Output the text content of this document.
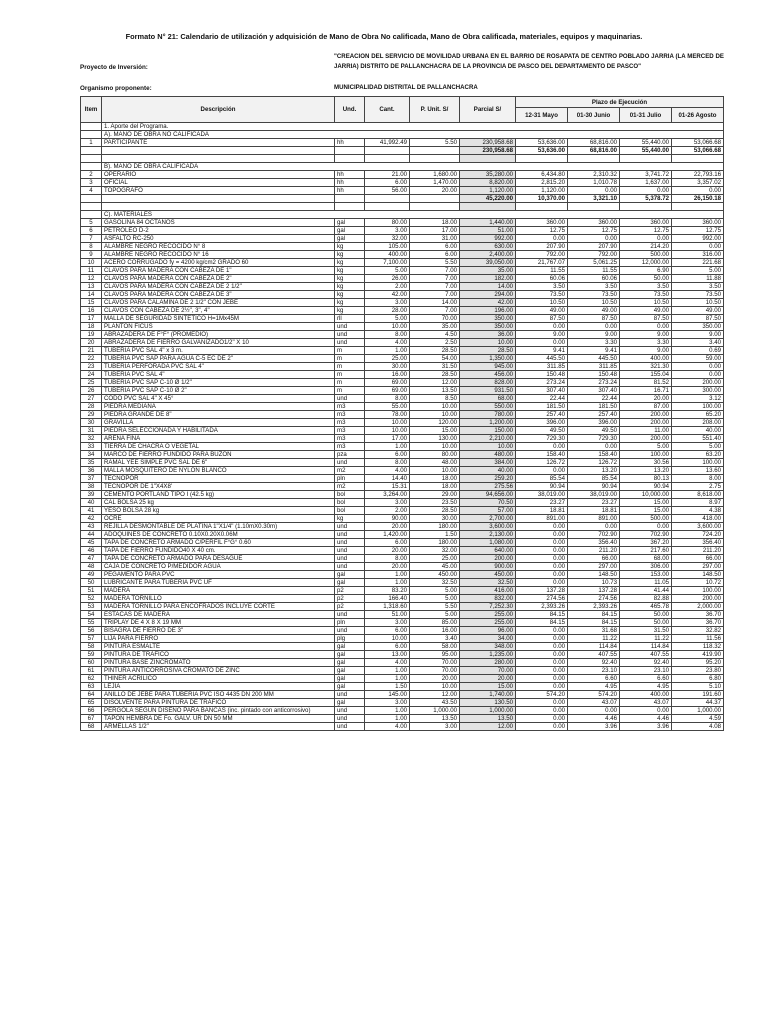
Formato N° 21: Calendario de utilización y adquisición de Mano de Obra No calificada, Mano de Obra calificada, materiales, equipos y maquinarias.
Proyecto de Inversión:
"CREACION DEL SERVICIO DE MOVILIDAD URBANA EN EL BARRIO DE ROSAPATA DE CENTRO POBLADO JARRIA (LA MERCED DE JARRIA) DISTRITO DE PALLANCHACRA DE LA PROVINCIA DE PASCO DEL DEPARTAMENTO DE PASCO"
Organismo proponente:	MUNICIPALIDAD DISTRITAL DE PALLANCHACRA
Item	Descripción	Und.	Cant.	P. Unit. S/	Parcial S/	Plazo de Ejecución			
						12-31 Mayo	01-30 Junio	01-31 Julio	01-26 Agosto
	1. Aporte del Programa.								
	A). MANO DE OBRA NO CALIFICADA								
1	PARTICIPANTE	hh	41,992.49	5.50	230,958.68	53,636.00	68,816.00	55,440.00	53,066.68
					230,958.68	53,636.00	68,816.00	55,440.00	53,066.68

	B). MANO DE OBRA CALIFICADA								
2	OPERARIO	hh	21.00	1,680.00	35,280.00	6,434.80	2,310.32	3,741.72	22,793.16
3	OFICIAL	hh	6.00	1,470.00	8,820.00	2,815.20	1,010.78	1,637.00	3,357.02
4	TOPOGRAFO	hh	56.00	20.00	1,120.00	1,120.00	0.00	0.00	0.00
					45,220.00	10,370.00	3,321.10	5,378.72	26,150.18

	C). MATERIALES								
5	GASOLINA 84 OCTANOS	gal	80.00	18.00	1,440.00	360.00	360.00	360.00	360.00
6	PETROLEO D-2	gal	3.00	17.00	51.00	12.75	12.75	12.75	12.75
7	ASFALTO RC-250	gal	32.00	31.00	992.00	0.00	0.00	0.00	992.00
8	ALAMBRE NEGRO RECOCIDO N° 8	kg	105.00	6.00	630.00	207.90	207.90	214.20	0.00
9	ALAMBRE NEGRO RECOCIDO N° 16	kg	400.00	6.00	2,400.00	792.00	792.00	500.00	316.00
10	ACERO CORRUGADO fy = 4200 kg/cm2 GRADO 60	kg	7,100.00	5.50	39,050.00	21,767.07	5,061.25	12,000.00	221.68
11	CLAVOS PARA MADERA CON CABEZA DE 1"	kg	5.00	7.00	35.00	11.55	11.55	6.90	5.00
12	CLAVOS PARA MADERA CON CABEZA DE 2"	kg	26.00	7.00	182.00	60.06	60.06	50.00	11.88
13	CLAVOS PARA MADERA CON CABEZA DE 2 1/2"	kg	2.00	7.00	14.00	3.50	3.50	3.50	3.50
14	CLAVOS PARA MADERA CON CABEZA DE 3"	kg	42.00	7.00	294.00	73.50	73.50	73.50	73.50
15	CLAVOS PARA CALAMINA DE 2 1/2" CON JEBE	kg	3.00	14.00	42.00	10.50	10.50	10.50	10.50
16	CLAVOS CON CABEZA DE 2½", 3", 4"	kg	28.00	7.00	196.00	49.00	49.00	49.00	49.00
17	MALLA DE SEGURIDAD SINTETICO H=1Mx45M	rll	5.00	70.00	350.00	87.50	87.50	87.50	87.50
18	PLANTON FICUS	und	10.00	35.00	350.00	0.00	0.00	0.00	350.00
19	ABRAZADERA DE F°F° (PROMEDIO)	und	8.00	4.50	36.00	9.00	9.00	9.00	9.00
20	ABRAZADERA DE FIERRO GALVANIZADO1/2" X 10	und	4.00	2.50	10.00	0.00	3.30	3.30	3.40
21	TUBERIA PVC SAL 4" x 3 m.	m	1.00	28.50	28.50	9.41	9.41	9.00	0.69
22	TUBERIA PVC SAP PARA AGUA C-5 EC DE 2"	m	25.00	54.00	1,350.00	445.50	445.50	400.00	59.00
23	TUBERIA PERFORADA PVC SAL 4"	m	30.00	31.50	945.00	311.85	311.85	321.30	0.00
24	TUBERIA PVC SAL 4"	m	16.00	28.50	456.00	150.48	150.48	155.04	0.00
25	TUBERIA PVC SAP C-10 Ø 1/2"	m	69.00	12.00	828.00	273.24	273.24	81.52	200.00
26	TUBERIA PVC SAP C-10 Ø 2"	m	69.00	13.50	931.50	307.40	307.40	16.71	300.00
27	CODO PVC SAL 4" X 45°	und	8.00	8.50	68.00	22.44	22.44	20.00	3.12
28	PIEDRA MEDIANA	m3	55.00	10.00	550.00	181.50	181.50	87.00	100.00
29	PIEDRA GRANDE DE 8"	m3	78.00	10.00	780.00	257.40	257.40	200.00	65.20
30	GRAVILLA	m3	10.00	120.00	1,200.00	396.00	396.00	200.00	208.00
31	PIEDRA SELECCIONADA Y HABILITADA	m3	10.00	15.00	150.00	49.50	49.50	11.00	40.00
32	ARENA FINA	m3	17.00	130.00	2,210.00	729.30	729.30	200.00	551.40
33	TIERRA DE CHACRA O VEGETAL	m3	1.00	10.00	10.00	0.00	0.00	5.00	5.00
34	MARCO DE FIERRO FUNDIDO PARA BUZON	pza	6.00	80.00	480.00	158.40	158.40	100.00	63.20
35	RAMAL YEE SIMPLE PVC SAL DE 6"	und	8.00	48.00	384.00	126.72	126.72	30.56	100.00
36	MALLA MOSQUITERO DE NYLON BLANCO	m2	4.00	10.00	40.00	0.00	13.20	13.20	13.60
37	TECNOPOR	pln	14.40	18.00	259.20	85.54	85.54	80.13	8.00
38	TECNOPOR DE 1"X4X8'	m2	15.31	18.00	275.56	90.94	90.94	90.94	2.75
39	CEMENTO PORTLAND TIPO I (42.5 kg)	bol	3,264.00	29.00	94,656.00	38,019.00	38,019.00	10,000.00	8,618.00
40	CAL BOLSA 25 kg	bol	3.00	23.50	70.50	23.27	23.27	15.00	8.97
41	YESO BOLSA 28 kg	bol	2.00	28.50	57.00	18.81	18.81	15.00	4.38
42	OCRE	kg	90.00	30.00	2,700.00	891.00	891.00	500.00	418.00
43	REJILLA DESMONTABLE DE PLATINA 1"X1/4" (1.10mX0.30m)	und	20.00	180.00	3,600.00	0.00	0.00	0.00	3,600.00
44	ADOQUINES DE CONCRETO 0.10X0.20X0.06M	und	1,420.00	1.50	2,130.00	0.00	702.90	702.90	724.20
45	TAPA DE CONCRETO ARMADO C/PERFIL F°G° 0.60	und	6.00	180.00	1,080.00	0.00	356.40	367.20	356.40
46	TAPA DE FIERRO FUNDIDO40 X 40 cm.	und	20.00	32.00	640.00	0.00	211.20	217.60	211.20
47	TAPA DE CONCRETO ARMADO PARA DESAGUE	und	8.00	25.00	200.00	0.00	66.00	68.00	66.00
48	CAJA DE CONCRETO P/MEDIDOR AGUA	und	20.00	45.00	900.00	0.00	297.00	306.00	297.00
49	PEGAMENTO PARA PVC	gal	1.00	450.00	450.00	0.00	148.50	153.00	148.50
50	LUBRICANTE PARA TUBERIA PVC UF	gal	1.00	32.50	32.50	0.00	10.73	11.05	10.72
51	MADERA	p2	83.20	5.00	416.00	137.28	137.28	41.44	100.00
52	MADERA TORNILLO	p2	166.40	5.00	832.00	274.56	274.56	82.88	200.00
53	MADERA TORNILLO PARA ENCOFRADOS INCLUYE CORTE	p2	1,318.60	5.50	7,252.30	2,393.26	2,393.26	465.78	2,000.00
54	ESTACAS DE MADERA	und	51.00	5.00	255.00	84.15	84.15	50.00	36.70
55	TRIPLAY DE 4 X 8 X 19 MM	pln	3.00	85.00	255.00	84.15	84.15	50.00	36.70
56	BISAGRA DE FIERRO DE 3"	und	6.00	16.00	96.00	0.00	31.68	31.50	32.82
57	LIJA PARA FIERRO	plg	10.00	3.40	34.00	0.00	11.22	11.22	11.56
58	PINTURA ESMALTE	gal	6.00	58.00	348.00	0.00	114.84	114.84	118.32
59	PINTURA DE TRÁFICO	gal	13.00	95.00	1,235.00	0.00	407.55	407.55	419.90
60	PINTURA BASE ZINCROMATO	gal	4.00	70.00	280.00	0.00	92.40	92.40	95.20
61	PINTURA ANTICORROSIVA CROMATO DE ZINC	gal	1.00	70.00	70.00	0.00	23.10	23.10	23.80
62	THINER ACRILICO	gal	1.00	20.00	20.00	0.00	6.60	6.60	6.80
63	LEJIA	gal	1.50	10.00	15.00	0.00	4.95	4.95	5.10
64	ANILLO DE JEBE PARA TUBERIA PVC ISO 4435 DN 200 MM	und	145.00	12.00	1,740.00	574.20	574.20	400.00	191.60
65	DISOLVENTE PARA PINTURA DE TRÁFICO	gal	3.00	43.50	130.50	0.00	43.07	43.07	44.37
66	PERGOLA SEGUN DISEÑO PARA BANCAS (inc. pintado con anticorrosivo)	und	1.00	1,000.00	1,000.00	0.00	0.00	0.00	1,000.00
67	TAPON HEMBRA DE Fo. GALV. UR DN 50 MM	und	1.00	13.50	13.50	0.00	4.46	4.46	4.59
68	ARMELLAS 1/2"	und	4.00	3.00	12.00	0.00	3.96	3.96	4.08
